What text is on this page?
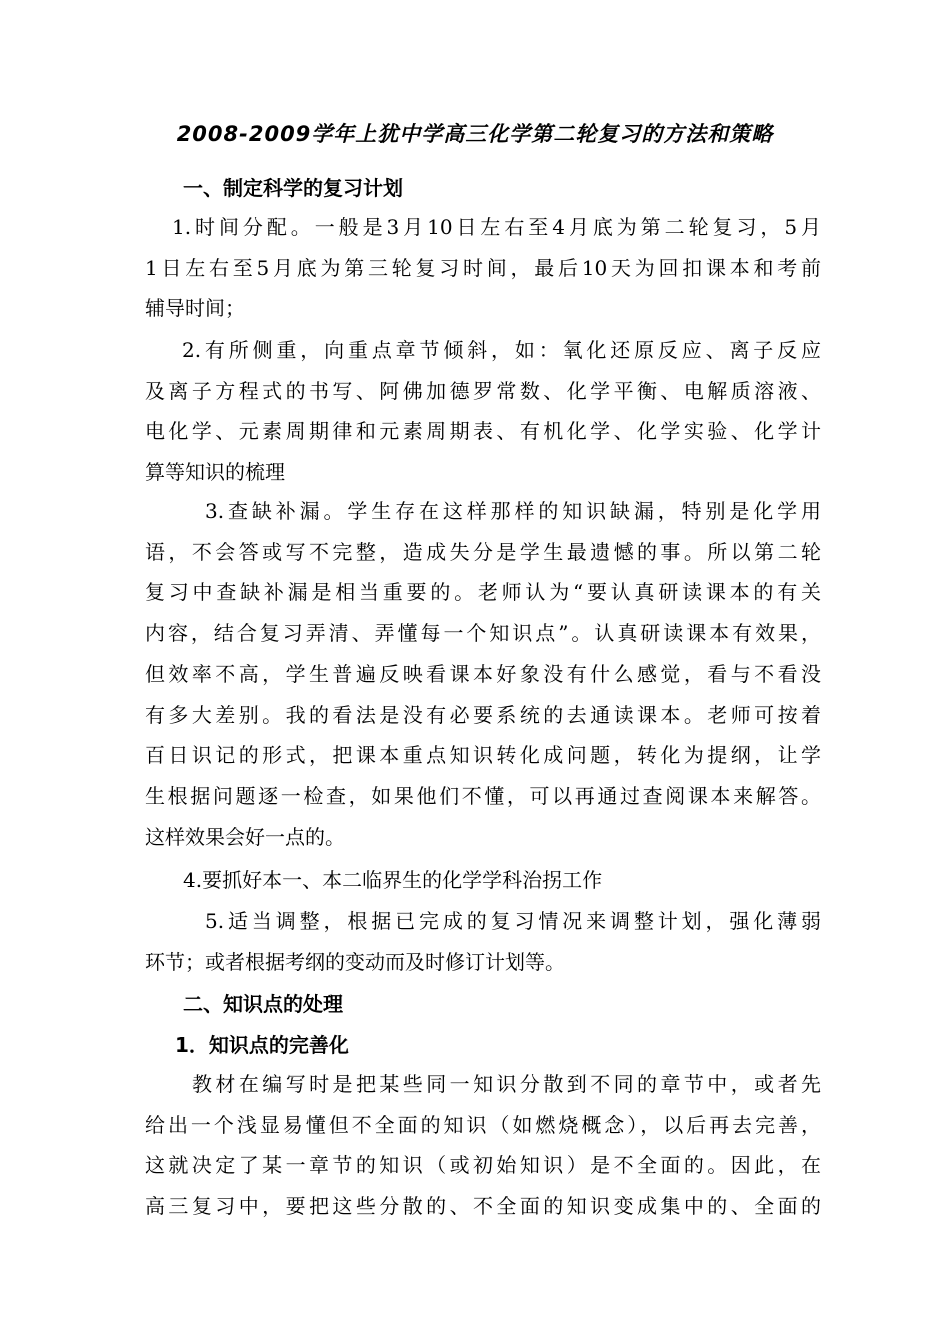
2008-2009学年上犹中学高三化学第二轮复习的方法和策略
一、制定科学的复习计划
1.时间分配。一般是3月10日左右至4月底为第二轮复习，5月
1日左右至5月底为第三轮复习时间，最后10天为回扣课本和考前
辅导时间；
2.有所侧重，向重点章节倾斜，如：氧化还原反应、离子反应
及离子方程式的书写、阿佛加德罗常数、化学平衡、电解质溶液、
电化学、元素周期律和元素周期表、有机化学、化学实验、化学计
算等知识的梳理
3.查缺补漏。学生存在这样那样的知识缺漏，特别是化学用
语，不会答或写不完整，造成失分是学生最遗憾的事。所以第二轮
复习中查缺补漏是相当重要的。老师认为“要认真研读课本的有关
内容，结合复习弄清、弄懂每一个知识点”。认真研读课本有效果，
但效率不高，学生普遍反映看课本好象没有什么感觉，看与不看没
有多大差别。我的看法是没有必要系统的去通读课本。老师可按着
百日识记的形式，把课本重点知识转化成问题，转化为提纲，让学
生根据问题逐一检查，如果他们不懂，可以再通过查阅课本来解答。
这样效果会好一点的。
4.要抓好本一、本二临界生的化学学科治拐工作
5.适当调整，根据已完成的复习情况来调整计划，强化薄弱
环节；或者根据考纲的变动而及时修订计划等。
二、知识点的处理
1．知识点的完善化
教材在编写时是把某些同一知识分散到不同的章节中，或者先
给出一个浅显易懂但不全面的知识（如燃烧概念），以后再去完善，
这就决定了某一章节的知识（或初始知识）是不全面的。因此，在
高三复习中，要把这些分散的、不全面的知识变成集中的、全面的
